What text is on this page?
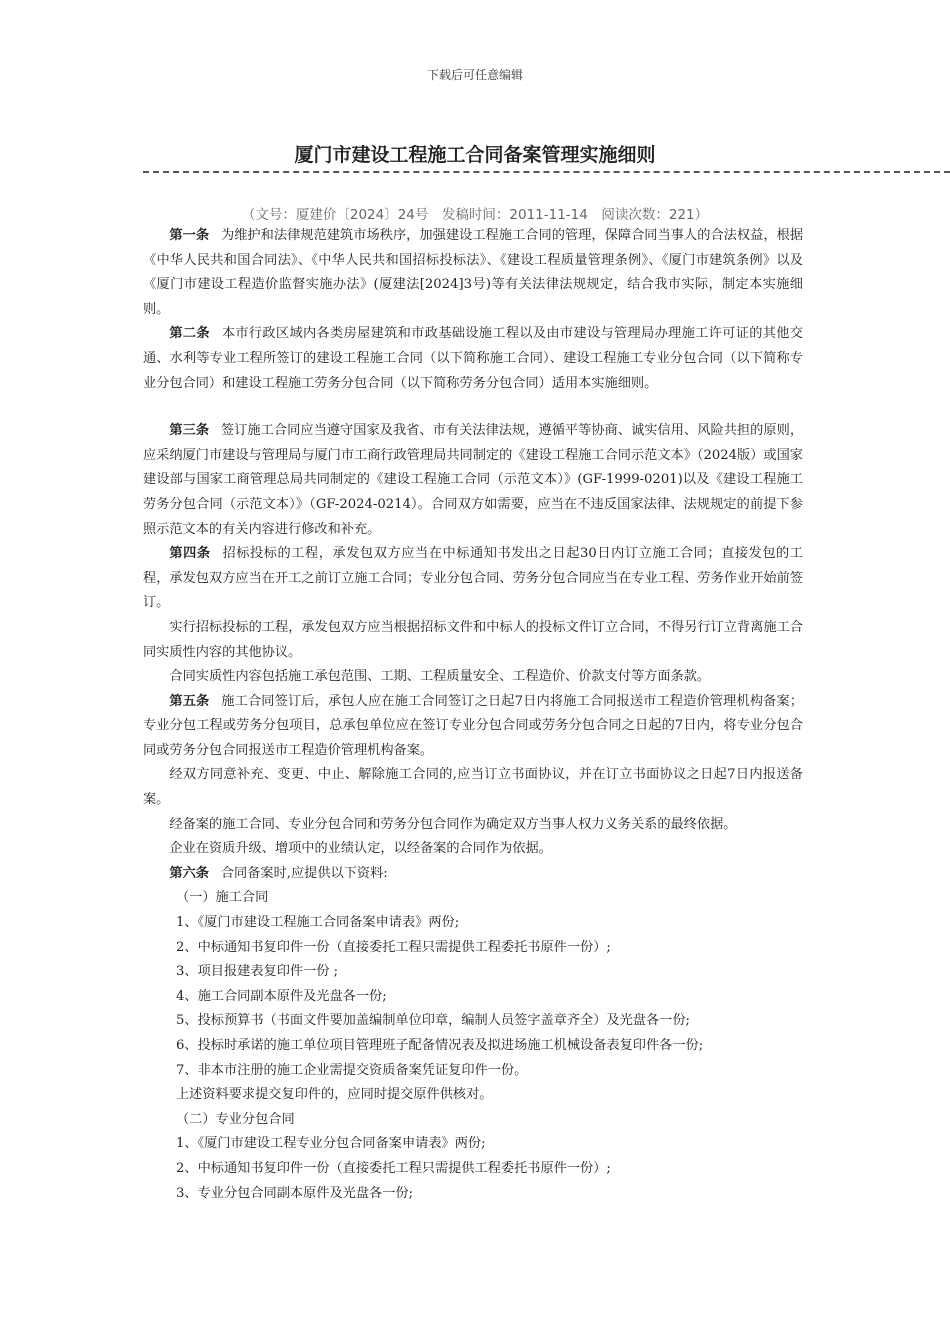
下载后可任意编辑
厦门市建设工程施工合同备案管理实施细则
（文号：厦建价〔2024〕24号　发稿时间：2011-11-14　阅读次数：221）

第一条 为维护和法律规范建筑市场秩序，加强建设工程施工合同的管理，保障合同当事人的合法权益，根据《中华人民共和国合同法》、《中华人民共和国招标投标法》、《建设工程质量管理条例》、《厦门市建筑条例》以及《厦门市建设工程造价监督实施办法》(厦建法[2024]3号)等有关法律法规规定，结合我市实际，制定本实施细则。

第二条 本市行政区域内各类房屋建筑和市政基础设施工程以及由市建设与管理局办理施工许可证的其他交通、水利等专业工程所签订的建设工程施工合同（以下简称施工合同）、建设工程施工专业分包合同（以下简称专业分包合同）和建设工程施工劳务分包合同（以下简称劳务分包合同）适用本实施细则。

第三条 签订施工合同应当遵守国家及我省、市有关法律法规，遵循平等协商、诚实信用、风险共担的原则，应采纳厦门市建设与管理局与厦门市工商行政管理局共同制定的《建设工程施工合同示范文本》（2024版）或国家建设部与国家工商管理总局共同制定的《建设工程施工合同（示范文本）》(GF-1999-0201)以及《建设工程施工劳务分包合同（示范文本）》（GF-2024-0214）。合同双方如需要，应当在不违反国家法律、法规规定的前提下参照示范文本的有关内容进行修改和补充。

第四条 招标投标的工程，承发包双方应当在中标通知书发出之日起30日内订立施工合同；直接发包的工程，承发包双方应当在开工之前订立施工合同；专业分包合同、劳务分包合同应当在专业工程、劳务作业开始前签订。

实行招标投标的工程，承发包双方应当根据招标文件和中标人的投标文件订立合同，不得另行订立背离施工合同实质性内容的其他协议。

合同实质性内容包括施工承包范围、工期、工程质量安全、工程造价、价款支付等方面条款。

第五条 施工合同签订后，承包人应在施工合同签订之日起7日内将施工合同报送市工程造价管理机构备案；专业分包工程或劳务分包项目，总承包单位应在签订专业分包合同或劳务分包合同之日起的7日内，将专业分包合同或劳务分包合同报送市工程造价管理机构备案。

经双方同意补充、变更、中止、解除施工合同的,应当订立书面协议，并在订立书面协议之日起7日内报送备案。

经备案的施工合同、专业分包合同和劳务分包合同作为确定双方当事人权力义务关系的最终依据。

企业在资质升级、增项中的业绩认定，以经备案的合同作为依据。

第六条 合同备案时,应提供以下资料:

（一）施工合同

1、《厦门市建设工程施工合同备案申请表》两份;

2、中标通知书复印件一份（直接委托工程只需提供工程委托书原件一份）;

3、项目报建表复印件一份 ;

4、施工合同副本原件及光盘各一份;

5、投标预算书（书面文件要加盖编制单位印章，编制人员签字盖章齐全）及光盘各一份;

6、投标时承诺的施工单位项目管理班子配备情况表及拟进场施工机械设备表复印件各一份;

7、非本市注册的施工企业需提交资质备案凭证复印件一份。

上述资料要求提交复印件的，应同时提交原件供核对。

（二）专业分包合同

1、《厦门市建设工程专业分包合同备案申请表》两份;

2、中标通知书复印件一份（直接委托工程只需提供工程委托书原件一份）;

3、专业分包合同副本原件及光盘各一份;
